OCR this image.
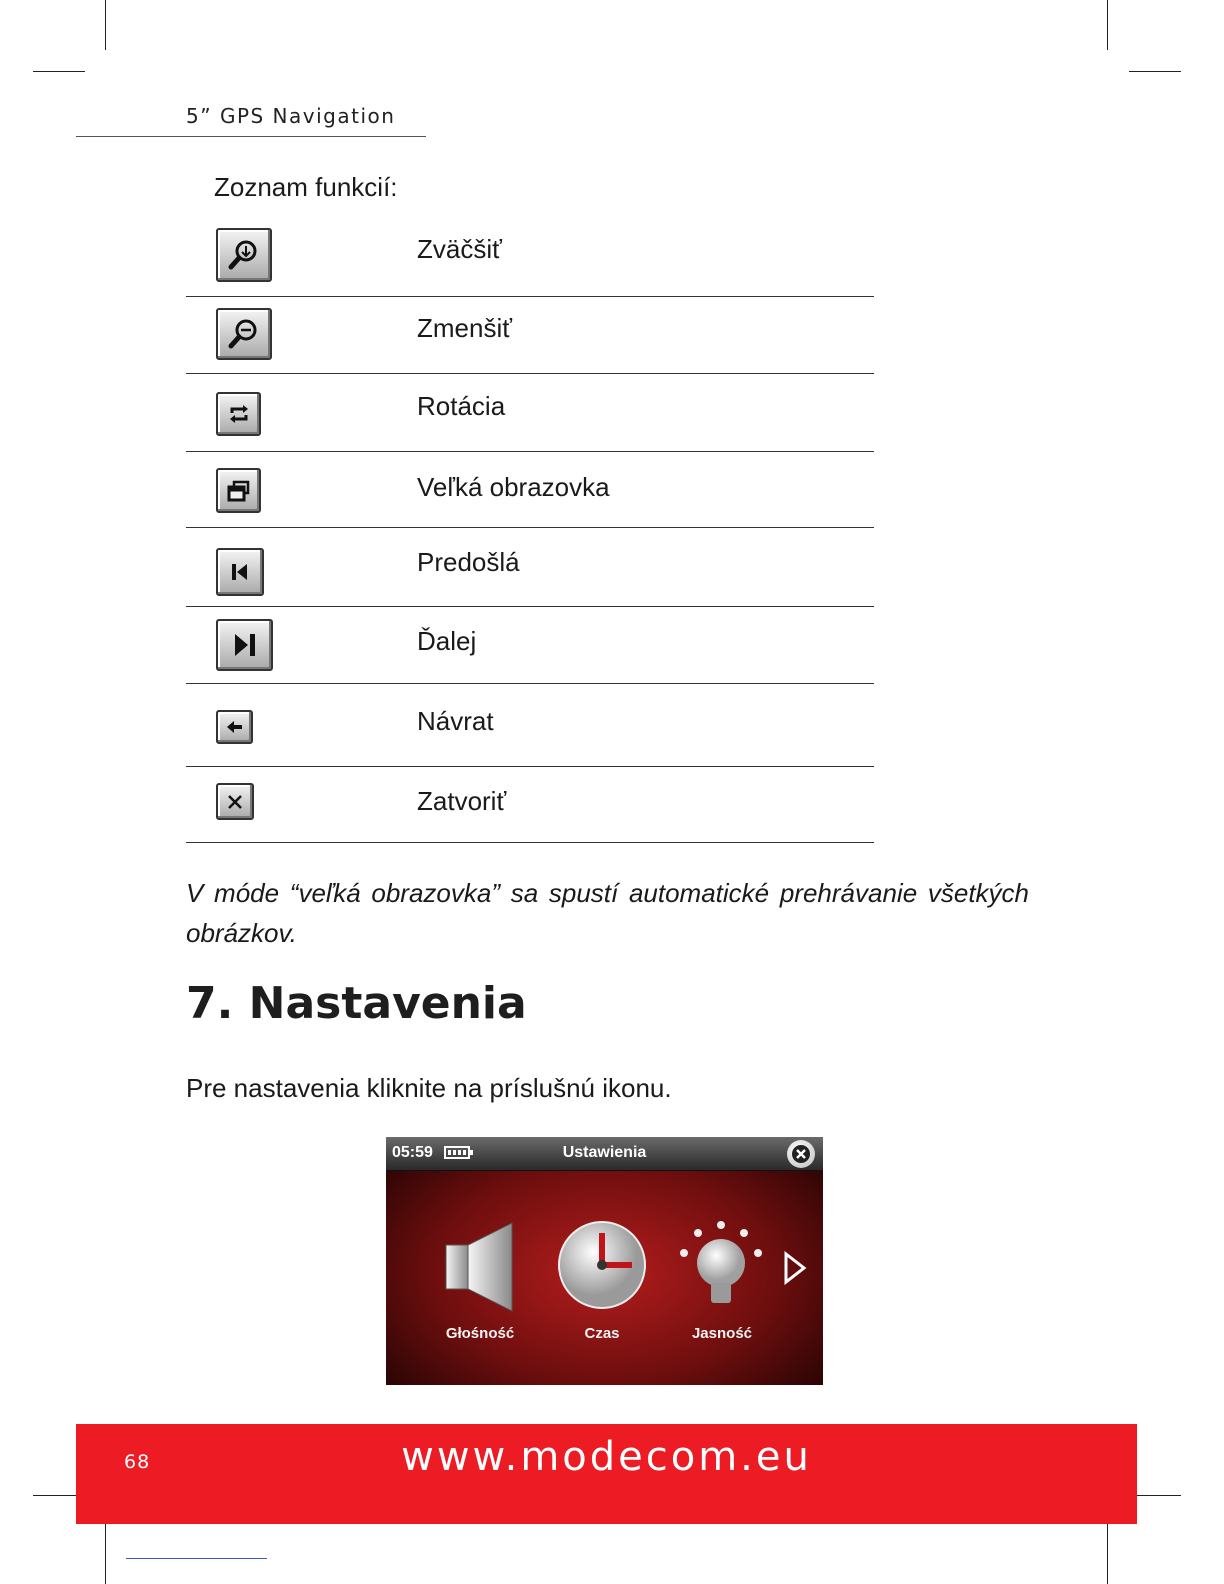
5” GPS Navigation
Zoznam funkcií:
Zväčšiť
Zmenšiť
Rotácia
Veľká obrazovka
Predošlá
Ďalej
Návrat
Zatvoriť
V móde “veľká obrazovka” sa spustí automatické prehrávanie všetkých obrázkov.
7. Nastavenia
Pre nastavenia kliknite na príslušnú ikonu.
05:59	Ustawienia
Głośność	Czas	Jasność
68	www.modecom.eu
